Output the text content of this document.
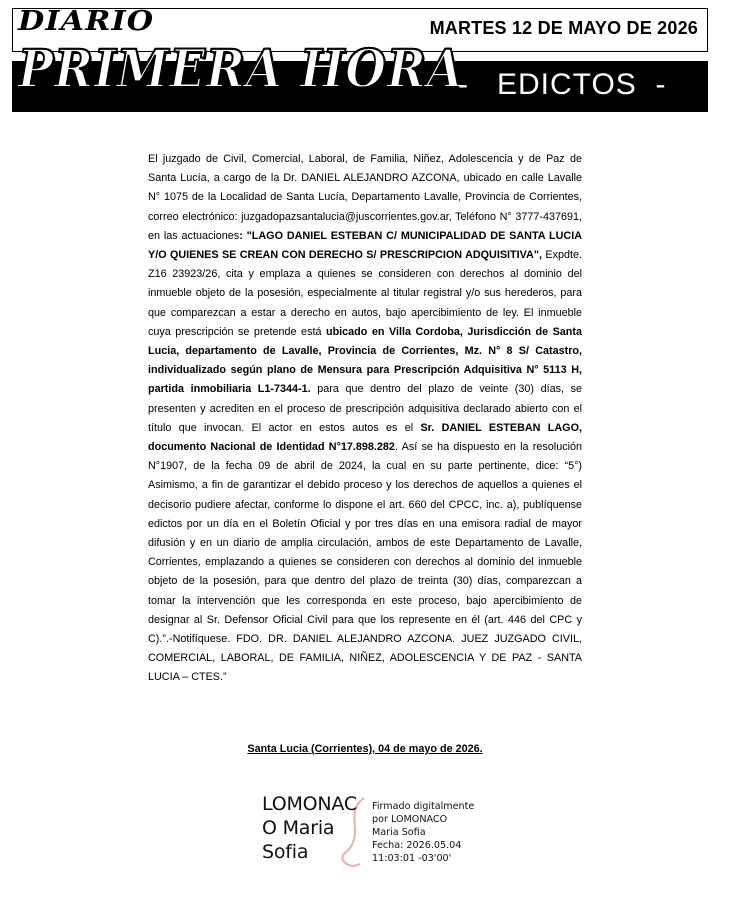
DIARIO
PRIMERA HORA
MARTES 12 DE MAYO DE 2026
-   EDICTOS  -

El juzgado de Civil, Comercial, Laboral, de Familia, Niñez, Adolescencia y de Paz de Santa Lucía, a cargo de la Dr. DANIEL ALEJANDRO AZCONA, ubicado en calle Lavalle N° 1075 de la Localidad de Santa Lucía, Departamento Lavalle, Provincia de Corrientes, correo electrónico: juzgadopazsantalucia@juscorrientes.gov.ar, Teléfono N° 3777-437691, en las actuaciones: "LAGO DANIEL ESTEBAN C/ MUNICIPALIDAD DE SANTA LUCIA Y/O QUIENES SE CREAN CON DERECHO S/ PRESCRIPCION ADQUISITIVA", Expdte. Z16 23923/26, cita y emplaza a quienes se consideren con derechos al dominio del inmueble objeto de la posesión, especialmente al titular registral y/o sus herederos, para que comparezcan a estar a derecho en autos, bajo apercibimiento de ley. El inmueble cuya prescripción se pretende está ubicado en Villa Cordoba, Jurisdicción de Santa Lucia, departamento de Lavalle, Provincia de Corrientes, Mz. N° 8 S/ Catastro, individualizado según plano de Mensura para Prescripción Adquisitiva N° 5113 H, partida inmobiliaria L1-7344-1. para que dentro del plazo de veinte (30) días, se presenten y acrediten en el proceso de prescripción adquisitiva declarado abierto con el título que invocan. El actor en estos autos es el Sr. DANIEL ESTEBAN LAGO, documento Nacional de Identidad N°17.898.282. Así se ha dispuesto en la resolución N°1907, de la fecha 09 de abril de 2024, la cual en su parte pertinente, dice: “5°) Asimismo, a fin de garantizar el debido proceso y los derechos de aquellos a quienes el decisorio pudiere afectar, conforme lo dispone el art. 660 del CPCC, inc. a), publíquense edictos por un día en el Boletín Oficial y por tres días en una emisora radial de mayor difusión y en un diario de amplia circulación, ambos de este Departamento de Lavalle, Corrientes, emplazando a quienes se consideren con derechos al dominio del inmueble objeto de la posesión, para que dentro del plazo de treinta (30) días, comparezcan a tomar la intervención que les corresponda en este proceso, bajo apercibimiento de designar al Sr. Defensor Oficial Civil para que los represente en él (art. 446 del CPC y C).”.-Notifíquese. FDO. DR. DANIEL ALEJANDRO AZCONA. JUEZ JUZGADO CIVIL, COMERCIAL, LABORAL, DE FAMILIA, NIÑEZ, ADOLESCENCIA Y DE PAZ - SANTA LUCIA – CTES.”

Santa Lucia (Corrientes), 04 de mayo de 2026.
LOMONAC
O Maria
Sofia
Firmado digitalmente
por LOMONACO
Maria Sofia
Fecha: 2026.05.04
11:03:01 -03'00'
